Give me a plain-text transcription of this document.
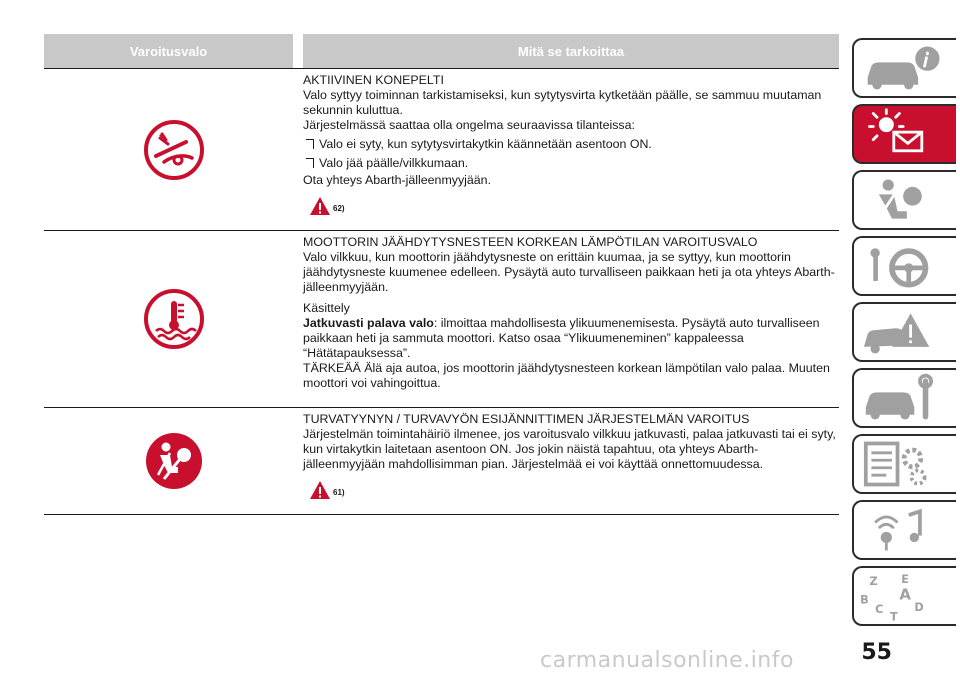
Varoitusvalo	Mitä se tarkoittaa

AKTIIVINEN KONEPELTI

Valo syttyy toiminnan tarkistamiseksi, kun sytytysvirta kytketään päälle, se sammuu muutaman sekunnin kuluttua.

Järjestelmässä saattaa olla ongelma seuraavissa tilanteissa:

Valo ei syty, kun sytytysvirtakytkin käännetään asentoon ON.
Valo jää päälle/vilkkumaan.

Ota yhteys Abarth-jälleenmyyjään.

62)

MOOTTORIN JÄÄHDYTYSNESTEEN KORKEAN LÄMPÖTILAN VAROITUSVALO

Valo vilkkuu, kun moottorin jäähdytysneste on erittäin kuumaa, ja se syttyy, kun moottorin jäähdytysneste kuumenee edelleen. Pysäytä auto turvalliseen paikkaan heti ja ota yhteys Abarth-jälleenmyyjään.

Käsittely

Jatkuvasti palava valo: ilmoittaa mahdollisesta ylikuumenemisesta. Pysäytä auto turvalliseen paikkaan heti ja sammuta moottori. Katso osaa “Ylikuumeneminen” kappaleessa “Hätätapauksessa”.

TÄRKEÄÄ Älä aja autoa, jos moottorin jäähdytysnesteen korkean lämpötilan valo palaa. Muuten moottori voi vahingoittua.

TURVATYYNYN / TURVAVYÖN ESIJÄNNITTIMEN JÄRJESTELMÄN VAROITUS

Järjestelmän toimintahäiriö ilmenee, jos varoitusvalo vilkkuu jatkuvasti, palaa jatkuvasti tai ei syty, kun virtakytkin laitetaan asentoon ON. Jos jokin näistä tapahtuu, ota yhteys Abarth-jälleenmyyjään mahdollisimman pian. Järjestelmää ei voi käyttää onnettomuudessa.

61)
Z E
B A
C	D
T
55
carmanualsonline.info
